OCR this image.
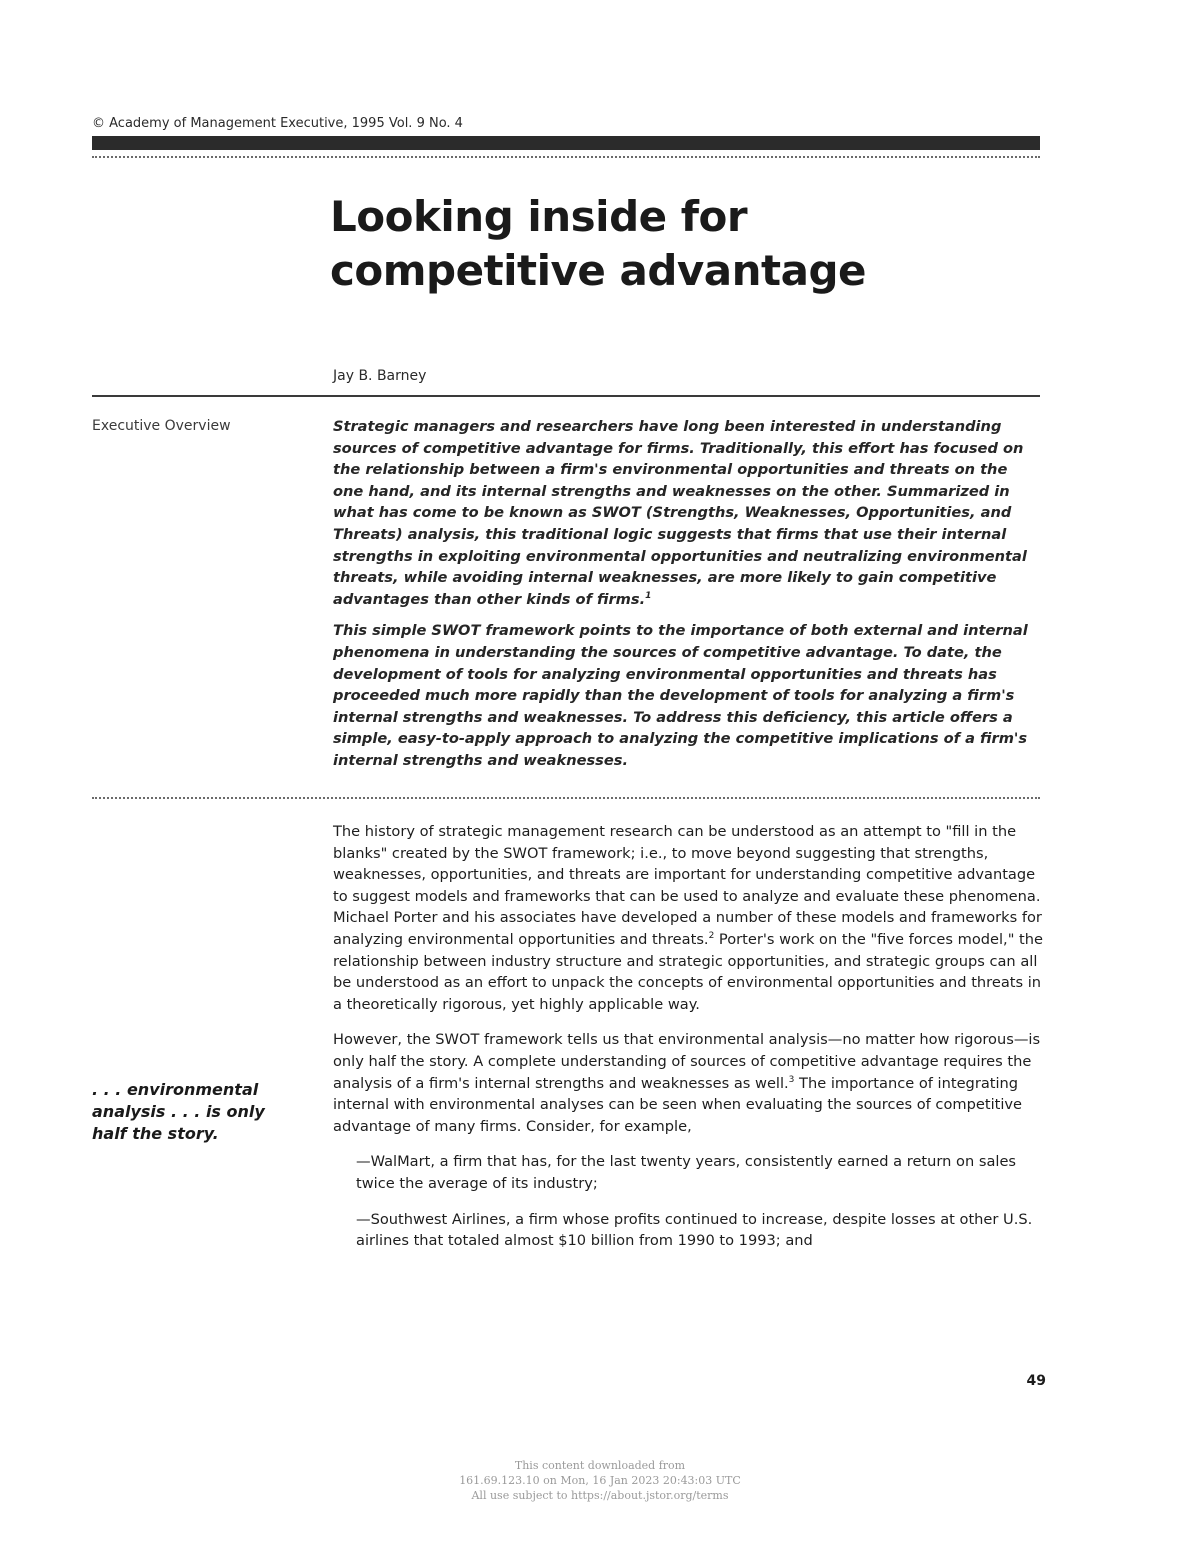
© Academy of Management Executive, 1995 Vol. 9 No. 4
Looking inside for
competitive advantage
Jay B. Barney
Executive Overview	Strategic managers and researchers have long been interested in understanding sources of competitive advantage for firms. Traditionally, this effort has focused on the relationship between a firm's environmental opportunities and threats on the one hand, and its internal strengths and weaknesses on the other. Summarized in what has come to be known as SWOT (Strengths, Weaknesses, Opportunities, and Threats) analysis, this traditional logic suggests that firms that use their internal strengths in exploiting environmental opportunities and neutralizing environmental threats, while avoiding internal weaknesses, are more likely to gain competitive advantages than other kinds of firms.$^1$

This simple SWOT framework points to the importance of both external and internal phenomena in understanding the sources of competitive advantage. To date, the development of tools for analyzing environmental opportunities and threats has proceeded much more rapidly than the development of tools for analyzing a firm's internal strengths and weaknesses. To address this deficiency, this article offers a simple, easy-to-apply approach to analyzing the competitive implications of a firm's internal strengths and weaknesses.

The history of strategic management research can be understood as an attempt to "fill in the blanks" created by the SWOT framework; i.e., to move beyond suggesting that strengths, weaknesses, opportunities, and threats are important for understanding competitive advantage to suggest models and frameworks that can be used to analyze and evaluate these phenomena. Michael Porter and his associates have developed a number of these models and frameworks for analyzing environmental opportunities and threats.$^2$ Porter's work on the "five forces model," the relationship between industry structure and strategic opportunities, and strategic groups can all be understood as an effort to unpack the concepts of environmental opportunities and threats in a theoretically rigorous, yet highly applicable way.

However, the SWOT framework tells us that environmental analysis—no matter how rigorous—is only half the story. A complete understanding of sources of competitive advantage requires the analysis of a firm's internal strengths and weaknesses as well.$^3$ The importance of integrating internal with environmental analyses can be seen when evaluating the sources of competitive advantage of many firms. Consider, for example,

—WalMart, a firm that has, for the last twenty years, consistently earned a return on sales twice the average of its industry;

—Southwest Airlines, a firm whose profits continued to increase, despite losses at other U.S. airlines that totaled almost $10 billion from 1990 to 1993; and

. . . environmental
analysis . . . is only
half the story.
49
This content downloaded from
161.69.123.10 on Mon, 16 Jan 2023 20:43:03 UTC
All use subject to https://about.jstor.org/terms
